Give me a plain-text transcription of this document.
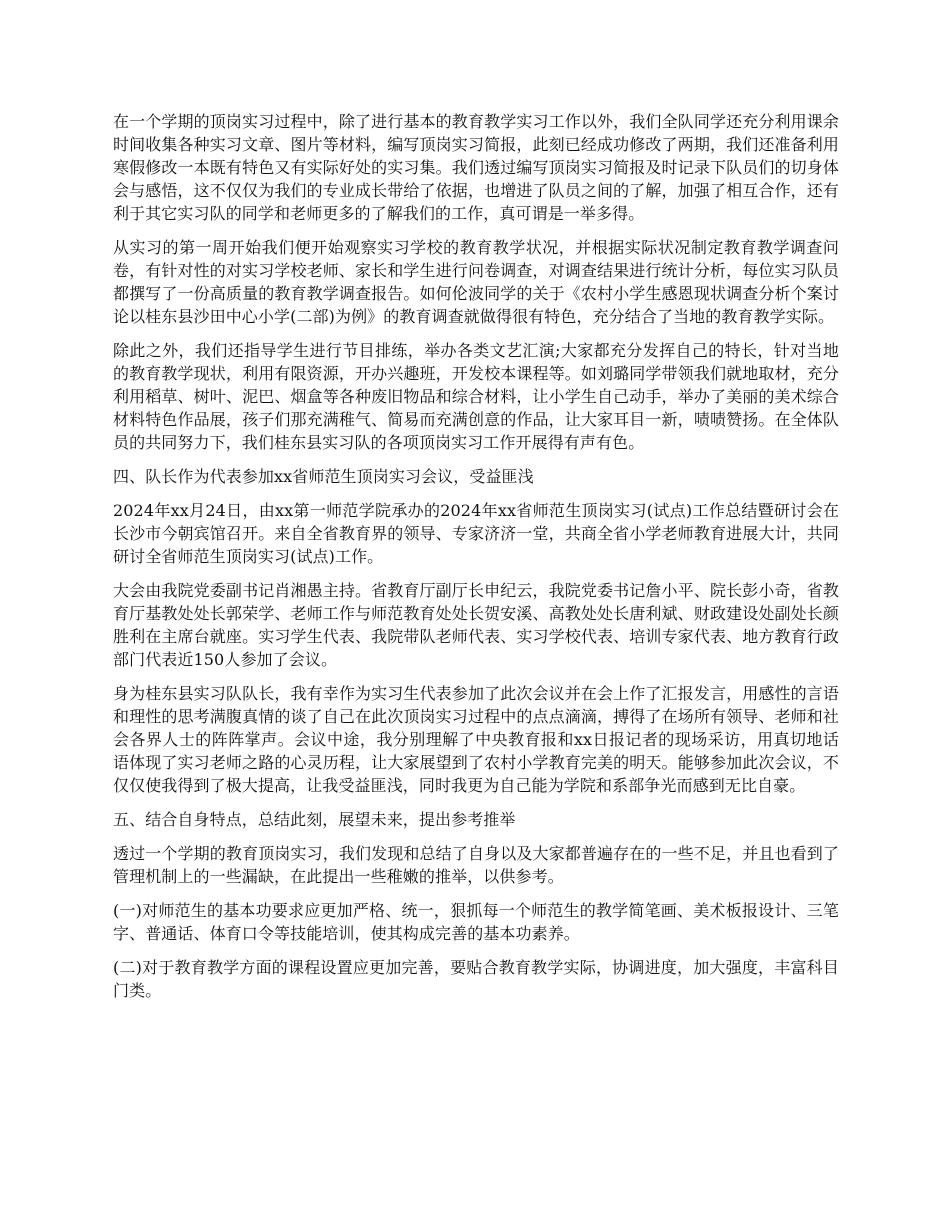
在一个学期的顶岗实习过程中，除了进行基本的教育教学实习工作以外，我们全队同学还充分利用课余时间收集各种实习文章、图片等材料，编写顶岗实习简报，此刻已经成功修改了两期，我们还准备利用寒假修改一本既有特色又有实际好处的实习集。我们透过编写顶岗实习简报及时记录下队员们的切身体会与感悟，这不仅仅为我们的专业成长带给了依据，也增进了队员之间的了解，加强了相互合作，还有利于其它实习队的同学和老师更多的了解我们的工作，真可谓是一举多得。

从实习的第一周开始我们便开始观察实习学校的教育教学状况，并根据实际状况制定教育教学调查问卷，有针对性的对实习学校老师、家长和学生进行问卷调查，对调查结果进行统计分析，每位实习队员都撰写了一份高质量的教育教学调查报告。如何伦波同学的关于《农村小学生感恩现状调查分析个案讨论以桂东县沙田中心小学(二部)为例》的教育调查就做得很有特色，充分结合了当地的教育教学实际。

除此之外，我们还指导学生进行节目排练，举办各类文艺汇演;大家都充分发挥自己的特长，针对当地的教育教学现状，利用有限资源，开办兴趣班，开发校本课程等。如刘璐同学带领我们就地取材，充分利用稻草、树叶、泥巴、烟盒等各种废旧物品和综合材料，让小学生自己动手，举办了美丽的美术综合材料特色作品展，孩子们那充满稚气、简易而充满创意的作品，让大家耳目一新，啧啧赞扬。在全体队员的共同努力下，我们桂东县实习队的各项顶岗实习工作开展得有声有色。

四、队长作为代表参加xx省师范生顶岗实习会议，受益匪浅

2024年xx月24日，由xx第一师范学院承办的2024年xx省师范生顶岗实习(试点)工作总结暨研讨会在长沙市今朝宾馆召开。来自全省教育界的领导、专家济济一堂，共商全省小学老师教育进展大计，共同研讨全省师范生顶岗实习(试点)工作。

大会由我院党委副书记肖湘愚主持。省教育厅副厅长申纪云，我院党委书记詹小平、院长彭小奇，省教育厅基教处处长郭荣学、老师工作与师范教育处处长贺安溪、高教处处长唐利斌、财政建设处副处长颜胜利在主席台就座。实习学生代表、我院带队老师代表、实习学校代表、培训专家代表、地方教育行政部门代表近150人参加了会议。

身为桂东县实习队队长，我有幸作为实习生代表参加了此次会议并在会上作了汇报发言，用感性的言语和理性的思考满腹真情的谈了自己在此次顶岗实习过程中的点点滴滴，搏得了在场所有领导、老师和社会各界人士的阵阵掌声。会议中途，我分别理解了中央教育报和xx日报记者的现场采访，用真切地话语体现了实习老师之路的心灵历程，让大家展望到了农村小学教育完美的明天。能够参加此次会议，不仅仅使我得到了极大提高，让我受益匪浅，同时我更为自己能为学院和系部争光而感到无比自豪。

五、结合自身特点，总结此刻，展望未来，提出参考推举

透过一个学期的教育顶岗实习，我们发现和总结了自身以及大家都普遍存在的一些不足，并且也看到了管理机制上的一些漏缺，在此提出一些稚嫩的推举，以供参考。

(一)对师范生的基本功要求应更加严格、统一，狠抓每一个师范生的教学简笔画、美术板报设计、三笔字、普通话、体育口令等技能培训，使其构成完善的基本功素养。

(二)对于教育教学方面的课程设置应更加完善，要贴合教育教学实际，协调进度，加大强度，丰富科目门类。
